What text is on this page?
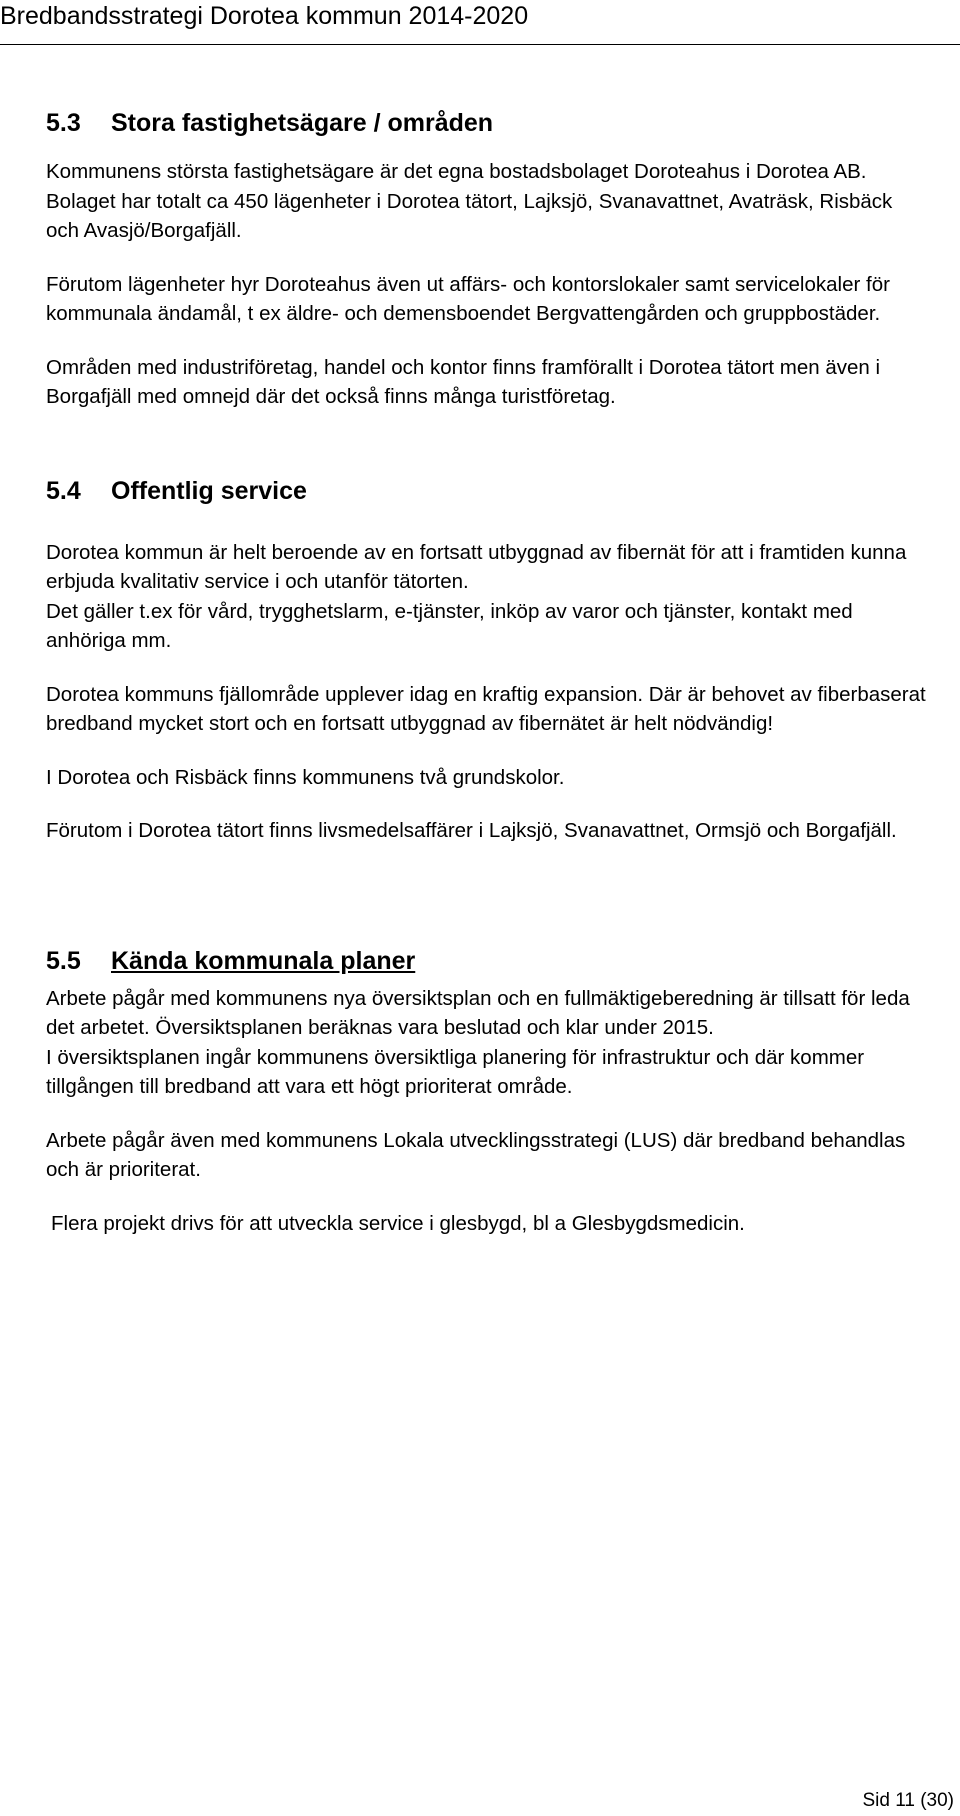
Bredbandsstrategi Dorotea kommun 2014-2020
5.3 Stora fastighetsägare / områden
Kommunens största fastighetsägare är det egna bostadsbolaget Doroteahus i Dorotea AB. Bolaget har totalt ca 450 lägenheter i Dorotea tätort, Lajksjö, Svanavattnet, Avaträsk, Risbäck och Avasjö/Borgafjäll.
Förutom lägenheter hyr Doroteahus även ut affärs- och kontorslokaler samt servicelokaler för kommunala ändamål, t ex äldre- och demensboendet Bergvattengården och gruppbostäder.
Områden med industriföretag, handel och kontor finns framförallt i Dorotea tätort men även i Borgafjäll med omnejd där det också finns många turistföretag.
5.4 Offentlig service
Dorotea kommun är helt beroende av en fortsatt utbyggnad av fibernät för att i framtiden kunna erbjuda kvalitativ service i och utanför tätorten.
Det gäller t.ex för vård, trygghetslarm, e-tjänster, inköp av varor och tjänster, kontakt med anhöriga mm.
Dorotea kommuns fjällområde upplever idag en kraftig expansion. Där är behovet av fiberbaserat bredband mycket stort och en fortsatt utbyggnad av fibernätet är helt nödvändig!
I Dorotea och Risbäck finns kommunens två grundskolor.
Förutom i Dorotea tätort finns livsmedelsaffärer i Lajksjö, Svanavattnet, Ormsjö och Borgafjäll.
5.5 Kända kommunala planer
Arbete pågår med kommunens nya översiktsplan och en fullmäktigeberedning är tillsatt för leda det arbetet. Översiktsplanen beräknas vara beslutad och klar under 2015.
I översiktsplanen ingår kommunens översiktliga planering för infrastruktur och där kommer tillgången till bredband att vara ett högt prioriterat område.
Arbete pågår även med kommunens Lokala utvecklingsstrategi (LUS) där bredband behandlas och är prioriterat.
Flera projekt drivs för att utveckla service i glesbygd, bl a Glesbygdsmedicin.
Sid 11 (30)
